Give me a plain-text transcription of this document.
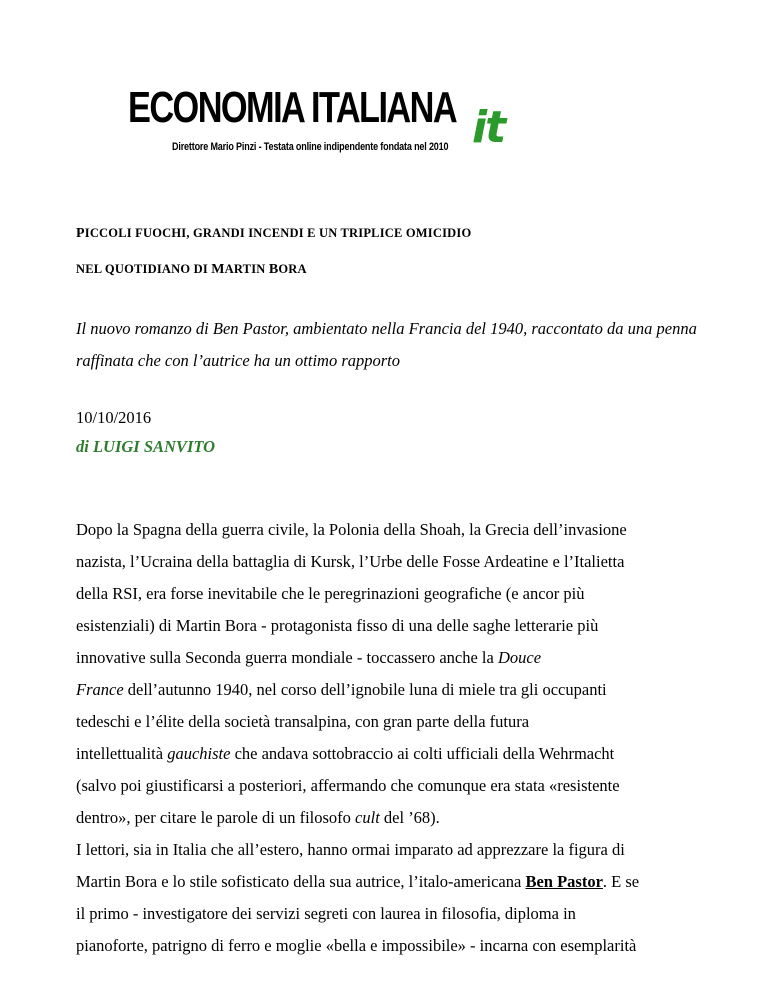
ECONOMIA ITALIANA
Direttore Mario Pinzi - Testata online indipendente fondata nel 2010 it
PICCOLI FUOCHI, GRANDI INCENDI E UN TRIPLICE OMICIDIO
NEL QUOTIDIANO DI MARTIN BORA
Il nuovo romanzo di Ben Pastor, ambientato nella Francia del 1940, raccontato da una penna raffinata che con l’autrice ha un ottimo rapporto
10/10/2016
di LUIGI SANVITO

Dopo la Spagna della guerra civile, la Polonia della Shoah, la Grecia dell’invasione

nazista, l’Ucraina della battaglia di Kursk, l’Urbe delle Fosse Ardeatine e l’Italietta

della RSI, era forse inevitabile che le peregrinazioni geografiche (e ancor più

esistenziali) di Martin Bora - protagonista fisso di una delle saghe letterarie più

innovative sulla Seconda guerra mondiale - toccassero anche la Douce

France dell’autunno 1940, nel corso dell’ignobile luna di miele tra gli occupanti

tedeschi e l’élite della società transalpina, con gran parte della futura

intellettualità gauchiste che andava sottobraccio ai colti ufficiali della Wehrmacht

(salvo poi giustificarsi a posteriori, affermando che comunque era stata «resistente

dentro», per citare le parole di un filosofo cult del ’68).

I lettori, sia in Italia che all’estero, hanno ormai imparato ad apprezzare la figura di

Martin Bora e lo stile sofisticato della sua autrice, l’italo-americana Ben Pastor. E se

il primo - investigatore dei servizi segreti con laurea in filosofia, diploma in

pianoforte, patrigno di ferro e moglie «bella e impossibile» - incarna con esemplarità
